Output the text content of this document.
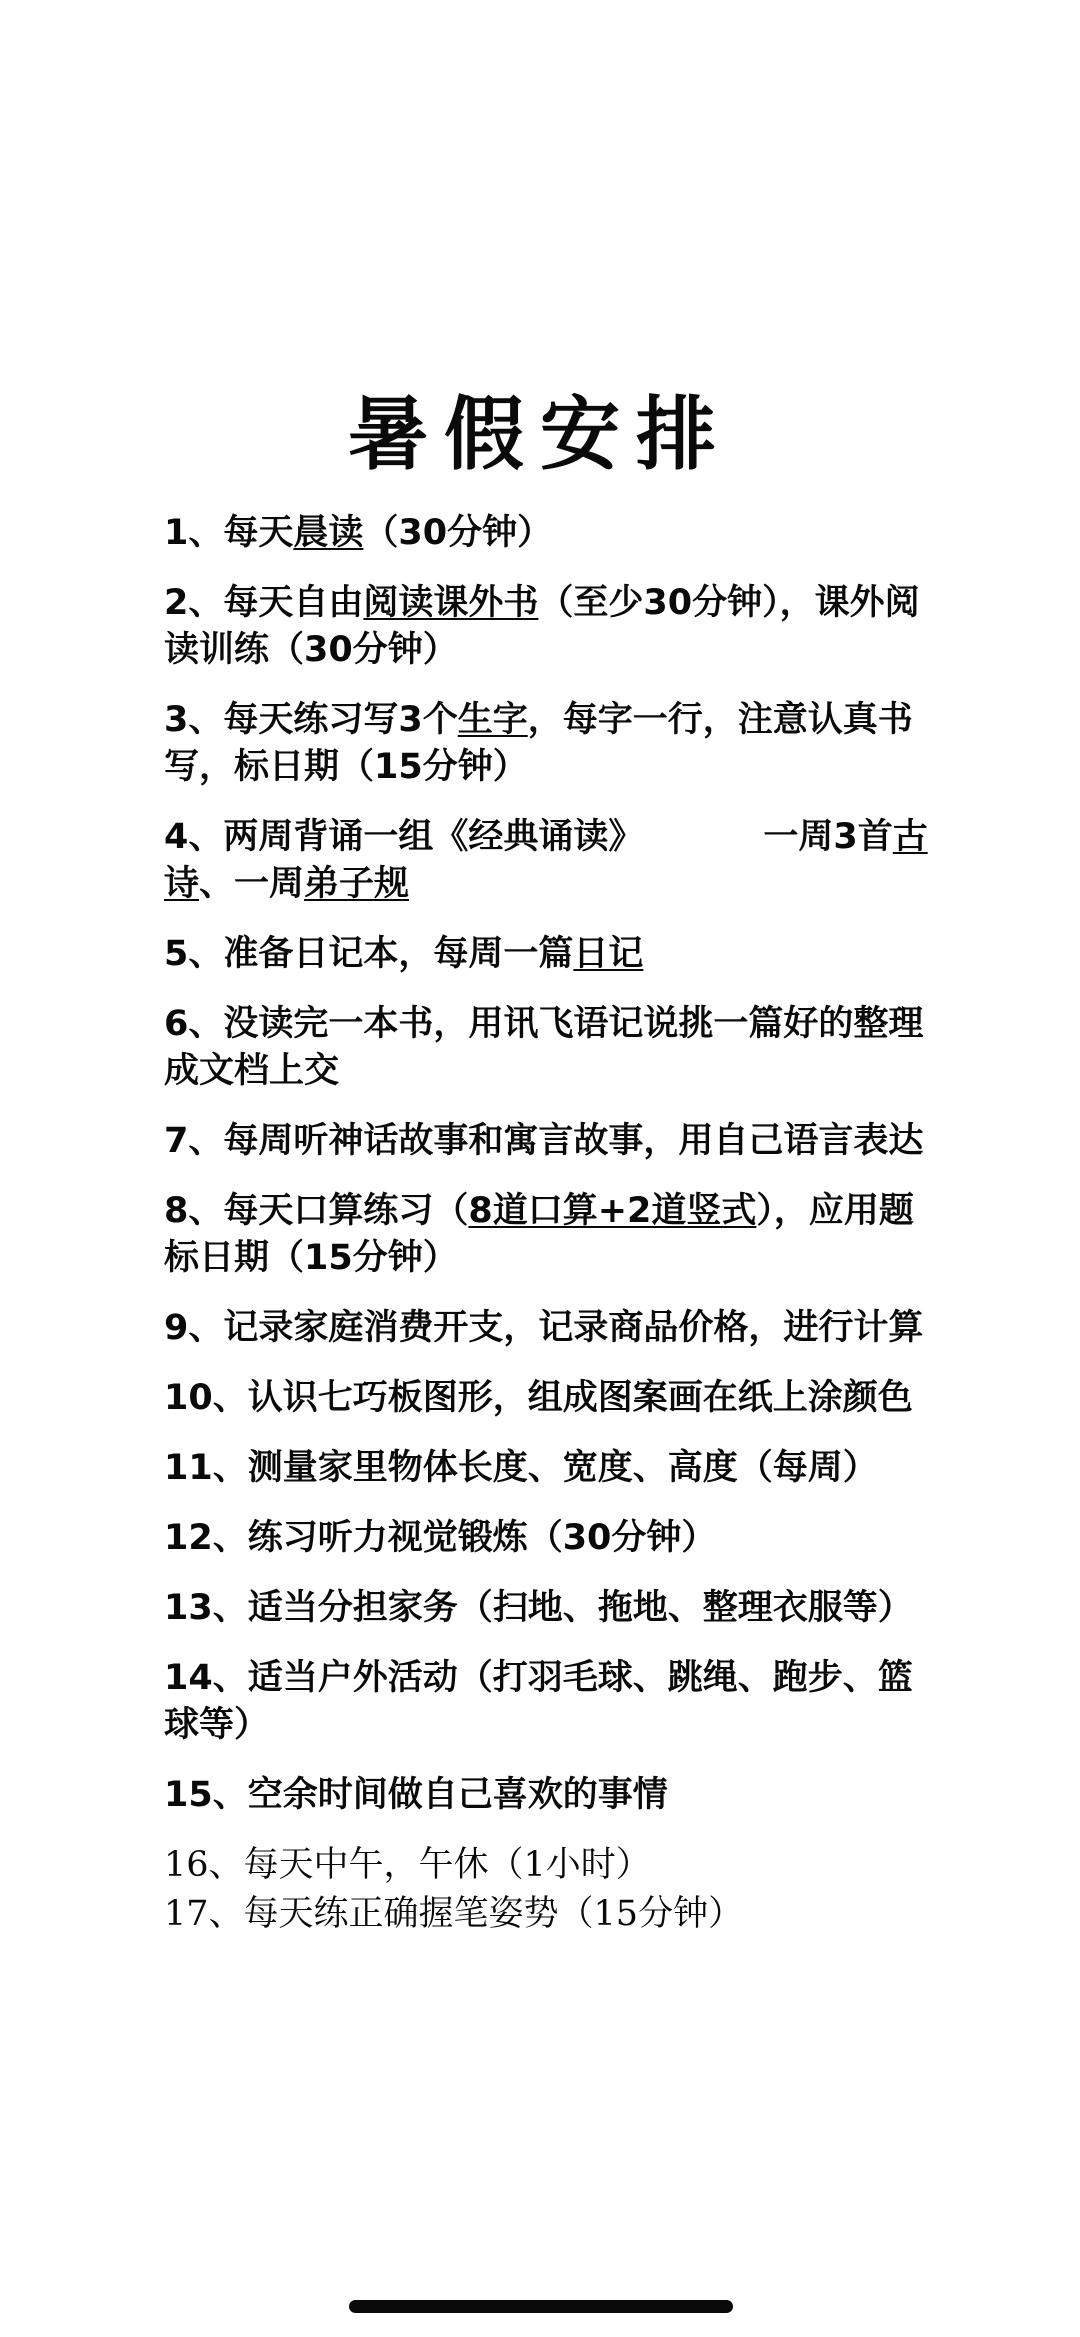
暑假安排

1、每天晨读（30分钟）

2、每天自由阅读课外书（至少30分钟），课外阅读训练（30分钟）

3、每天练习写3个生字，每字一行，注意认真书写，标日期（15分钟）

4、两周背诵一组《经典诵读》	一周3首古诗、一周弟子规

5、准备日记本，每周一篇日记

6、没读完一本书，用讯飞语记说挑一篇好的整理成文档上交

7、每周听神话故事和寓言故事，用自己语言表达

8、每天口算练习（8道口算+2道竖式），应用题标日期（15分钟）

9、记录家庭消费开支，记录商品价格，进行计算

10、认识七巧板图形，组成图案画在纸上涂颜色

11、测量家里物体长度、宽度、高度（每周）

12、练习听力视觉锻炼（30分钟）

13、适当分担家务（扫地、拖地、整理衣服等）

14、适当户外活动（打羽毛球、跳绳、跑步、篮球等）

15、空余时间做自己喜欢的事情

16、每天中午，午休（1小时）

17、每天练正确握笔姿势（15分钟）
